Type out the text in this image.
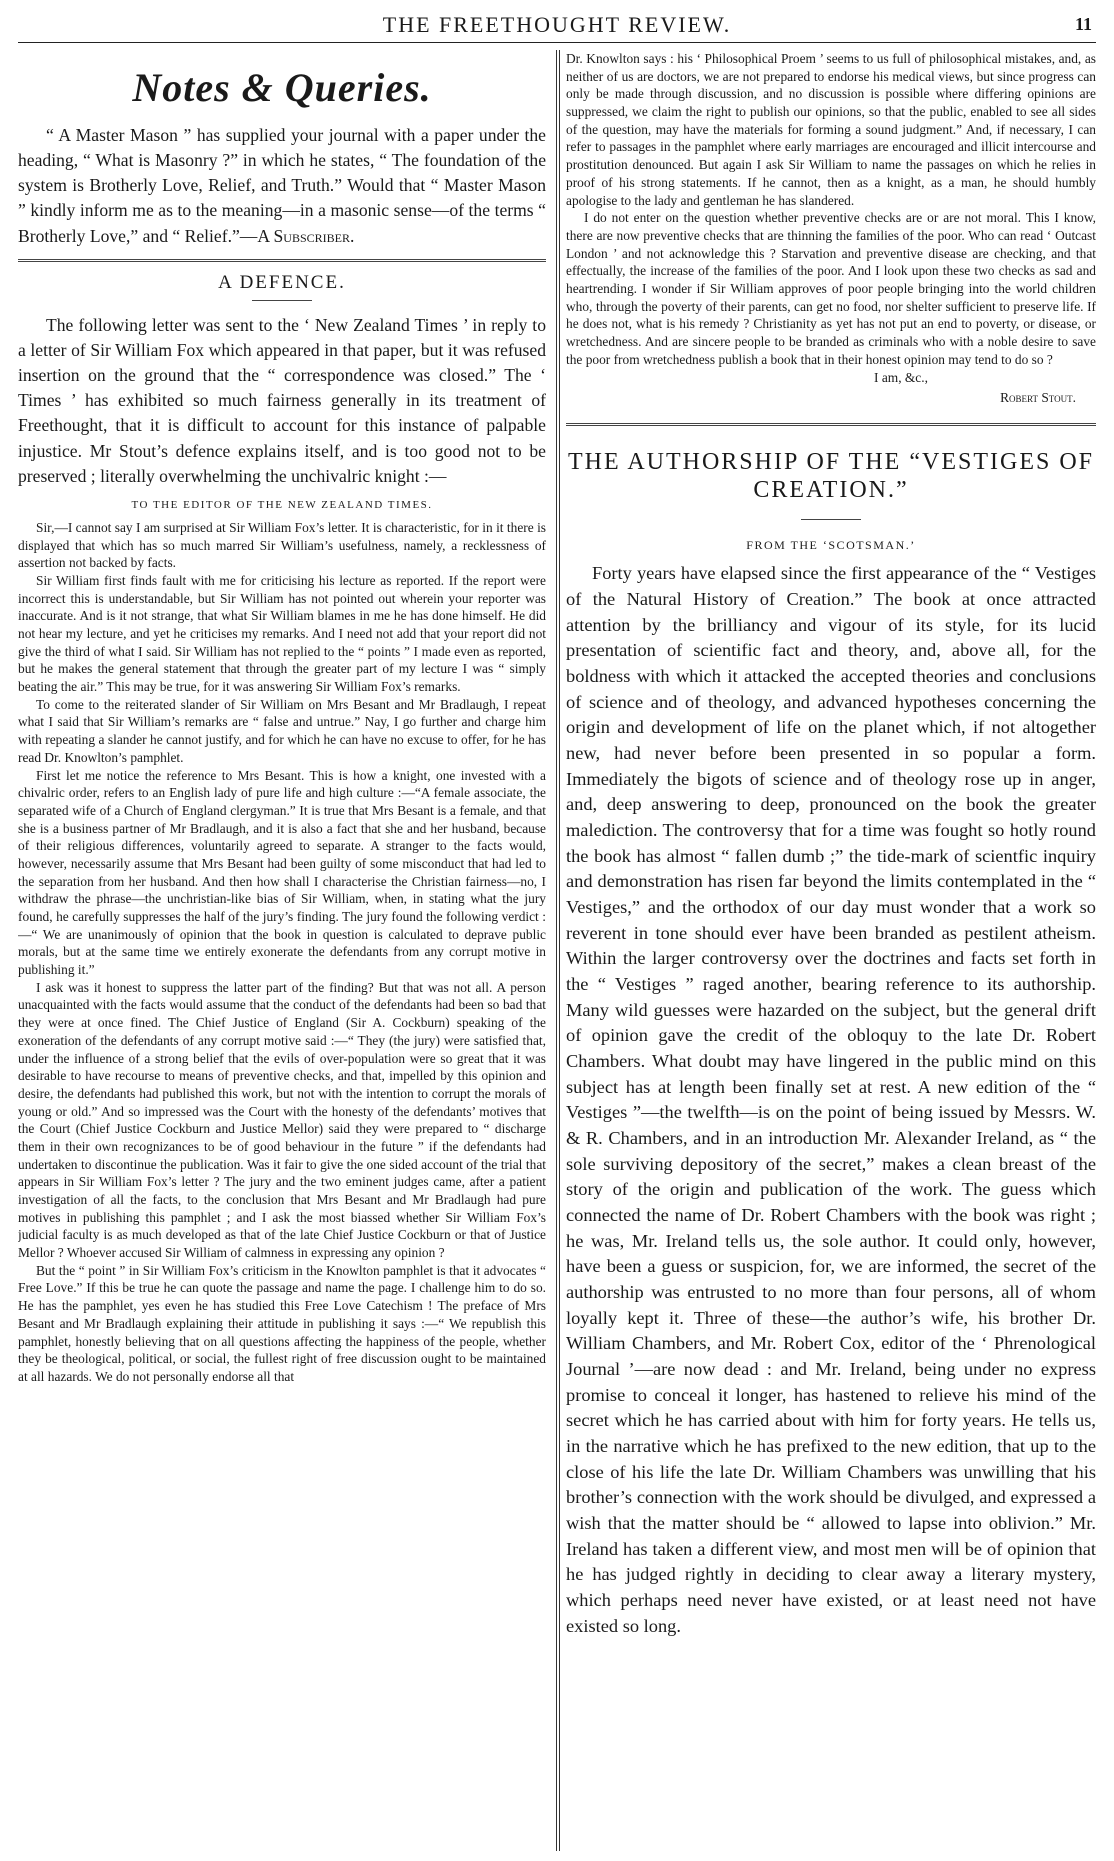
THE FREETHOUGHT REVIEW.	11
Notes & Queries.

“ A Master Mason ” has supplied your journal with a paper under the heading, “ What is Masonry ?” in which he states, “ The foundation of the system is Brotherly Love, Relief, and Truth.” Would that “ Master Mason ” kindly inform me as to the meaning—in a masonic sense—of the terms “ Brotherly Love,” and “ Relief.”—A Subscriber.

A DEFENCE.

The following letter was sent to the ‘ New Zealand Times ’ in reply to a letter of Sir William Fox which appeared in that paper, but it was refused insertion on the ground that the “ correspondence was closed.” The ‘ Times ’ has exhibited so much fairness generally in its treatment of Freethought, that it is difficult to account for this instance of palpable injustice. Mr Stout’s defence explains itself, and is too good not to be preserved ; literally overwhelming the unchivalric knight :—

TO THE EDITOR OF THE NEW ZEALAND TIMES.

Sir,—I cannot say I am surprised at Sir William Fox’s letter. It is characteristic, for in it there is displayed that which has so much marred Sir William’s usefulness, namely, a recklessness of assertion not backed by facts.

Sir William first finds fault with me for criticising his lecture as reported. If the report were incorrect this is understandable, but Sir William has not pointed out wherein your reporter was inaccurate. And is it not strange, that what Sir William blames in me he has done himself. He did not hear my lecture, and yet he criticises my remarks. And I need not add that your report did not give the third of what I said. Sir William has not replied to the “ points ” I made even as reported, but he makes the general statement that through the greater part of my lecture I was “ simply beating the air.” This may be true, for it was answering Sir William Fox’s remarks.

To come to the reiterated slander of Sir William on Mrs Besant and Mr Bradlaugh, I repeat what I said that Sir William’s remarks are “ false and untrue.” Nay, I go further and charge him with repeating a slander he cannot justify, and for which he can have no excuse to offer, for he has read Dr. Knowlton’s pamphlet.

First let me notice the reference to Mrs Besant. This is how a knight, one invested with a chivalric order, refers to an English lady of pure life and high culture :—“A female associate, the separated wife of a Church of England clergyman.” It is true that Mrs Besant is a female, and that she is a business partner of Mr Bradlaugh, and it is also a fact that she and her husband, because of their religious differences, voluntarily agreed to separate. A stranger to the facts would, however, necessarily assume that Mrs Besant had been guilty of some misconduct that had led to the separation from her husband. And then how shall I characterise the Christian fairness—no, I withdraw the phrase—the unchristian-like bias of Sir William, when, in stating what the jury found, he carefully suppresses the half of the jury’s finding. The jury found the following verdict :—“ We are unanimously of opinion that the book in question is calculated to deprave public morals, but at the same time we entirely exonerate the defendants from any corrupt motive in publishing it.”

I ask was it honest to suppress the latter part of the finding? But that was not all. A person unacquainted with the facts would assume that the conduct of the defendants had been so bad that they were at once fined. The Chief Justice of England (Sir A. Cockburn) speaking of the exoneration of the defendants of any corrupt motive said :—“ They (the jury) were satisfied that, under the influence of a strong belief that the evils of over-population were so great that it was desirable to have recourse to means of preventive checks, and that, impelled by this opinion and desire, the defendants had published this work, but not with the intention to corrupt the morals of young or old.” And so impressed was the Court with the honesty of the defendants’ motives that the Court (Chief Justice Cockburn and Justice Mellor) said they were prepared to “ discharge them in their own recognizances to be of good behaviour in the future ” if the defendants had undertaken to discontinue the publication. Was it fair to give the one sided account of the trial that appears in Sir William Fox’s letter ? The jury and the two eminent judges came, after a patient investigation of all the facts, to the conclusion that Mrs Besant and Mr Bradlaugh had pure motives in publishing this pamphlet ; and I ask the most biassed whether Sir William Fox’s judicial faculty is as much developed as that of the late Chief Justice Cockburn or that of Justice Mellor ? Whoever accused Sir William of calmness in expressing any opinion ?

But the “ point ” in Sir William Fox’s criticism in the Knowlton pamphlet is that it advocates “ Free Love.” If this be true he can quote the passage and name the page. I challenge him to do so. He has the pamphlet, yes even he has studied this Free Love Catechism ! The preface of Mrs Besant and Mr Bradlaugh explaining their attitude in publishing it says :—“ We republish this pamphlet, honestly believing that on all questions affecting the happiness of the people, whether they be theological, political, or social, the fullest right of free discussion ought to be maintained at all hazards. We do not personally endorse all that

Dr. Knowlton says : his ‘ Philosophical Proem ’ seems to us full of philosophical mistakes, and, as neither of us are doctors, we are not prepared to endorse his medical views, but since progress can only be made through discussion, and no discussion is possible where differing opinions are suppressed, we claim the right to publish our opinions, so that the public, enabled to see all sides of the question, may have the materials for forming a sound judgment.” And, if necessary, I can refer to passages in the pamphlet where early marriages are encouraged and illicit intercourse and prostitution denounced. But again I ask Sir William to name the passages on which he relies in proof of his strong statements. If he cannot, then as a knight, as a man, he should humbly apologise to the lady and gentleman he has slandered.

I do not enter on the question whether preventive checks are or are not moral. This I know, there are now preventive checks that are thinning the families of the poor. Who can read ‘ Outcast London ’ and not acknowledge this ? Starvation and preventive disease are checking, and that effectually, the increase of the families of the poor. And I look upon these two checks as sad and heartrending. I wonder if Sir William approves of poor people bringing into the world children who, through the poverty of their parents, can get no food, nor shelter sufficient to preserve life. If he does not, what is his remedy ? Christianity as yet has not put an end to poverty, or disease, or wretchedness. And are sincere people to be branded as criminals who with a noble desire to save the poor from wretchedness publish a book that in their honest opinion may tend to do so ?

I am, &c.,
Robert Stout.
THE AUTHORSHIP OF THE “VESTIGES OF CREATION.”
FROM THE ‘SCOTSMAN.’

Forty years have elapsed since the first appearance of the “ Vestiges of the Natural History of Creation.” The book at once attracted attention by the brilliancy and vigour of its style, for its lucid presentation of scientific fact and theory, and, above all, for the boldness with which it attacked the accepted theories and conclusions of science and of theology, and advanced hypotheses concerning the origin and development of life on the planet which, if not altogether new, had never before been presented in so popular a form. Immediately the bigots of science and of theology rose up in anger, and, deep answering to deep, pronounced on the book the greater malediction. The controversy that for a time was fought so hotly round the book has almost “ fallen dumb ;” the tide-mark of scientfic inquiry and demonstration has risen far beyond the limits contemplated in the “ Vestiges,” and the orthodox of our day must wonder that a work so reverent in tone should ever have been branded as pestilent atheism. Within the larger controversy over the doctrines and facts set forth in the “ Vestiges ” raged another, bearing reference to its authorship. Many wild guesses were hazarded on the subject, but the general drift of opinion gave the credit of the obloquy to the late Dr. Robert Chambers. What doubt may have lingered in the public mind on this subject has at length been finally set at rest. A new edition of the “ Vestiges ”—the twelfth—is on the point of being issued by Messrs. W. & R. Chambers, and in an introduction Mr. Alexander Ireland, as “ the sole surviving depository of the secret,” makes a clean breast of the story of the origin and publication of the work. The guess which connected the name of Dr. Robert Chambers with the book was right ; he was, Mr. Ireland tells us, the sole author. It could only, however, have been a guess or suspicion, for, we are informed, the secret of the authorship was entrusted to no more than four persons, all of whom loyally kept it. Three of these—the author’s wife, his brother Dr. William Chambers, and Mr. Robert Cox, editor of the ‘ Phrenological Journal ’—are now dead : and Mr. Ireland, being under no express promise to conceal it longer, has hastened to relieve his mind of the secret which he has carried about with him for forty years. He tells us, in the narrative which he has prefixed to the new edition, that up to the close of his life the late Dr. William Chambers was unwilling that his brother’s connection with the work should be divulged, and expressed a wish that the matter should be “ allowed to lapse into oblivion.” Mr. Ireland has taken a different view, and most men will be of opinion that he has judged rightly in deciding to clear away a literary mystery, which perhaps need never have existed, or at least need not have existed so long.
